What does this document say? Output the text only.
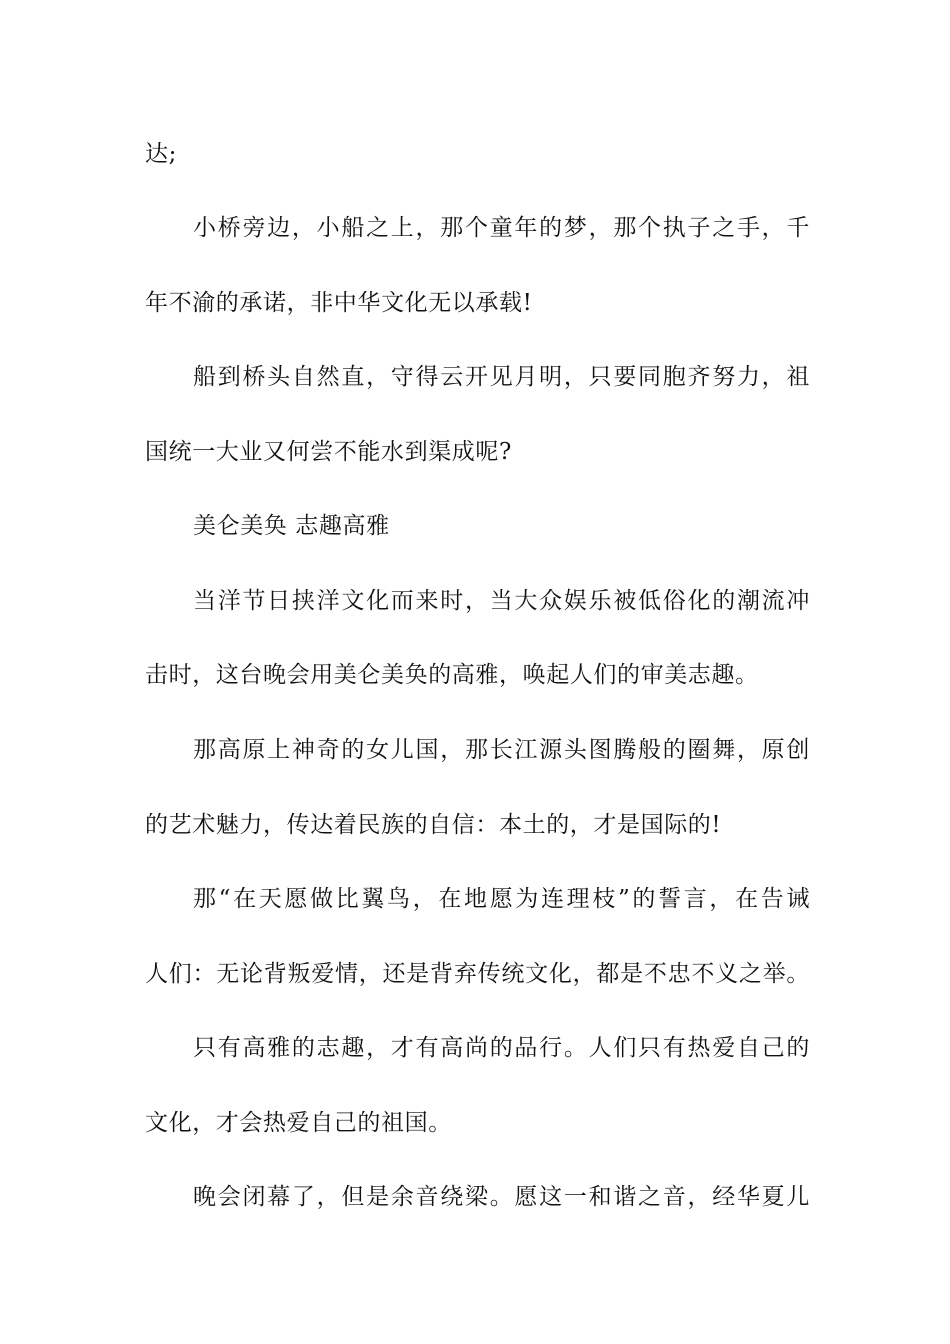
达;

小桥旁边，小船之上，那个童年的梦，那个执子之手，千

年不渝的承诺，非中华文化无以承载!

船到桥头自然直，守得云开见月明，只要同胞齐努力，祖

国统一大业又何尝不能水到渠成呢?

美仑美奂 志趣高雅

当洋节日挟洋文化而来时，当大众娱乐被低俗化的潮流冲

击时，这台晚会用美仑美奂的高雅，唤起人们的审美志趣。

那高原上神奇的女儿国，那长江源头图腾般的圈舞，原创

的艺术魅力，传达着民族的自信：本土的，才是国际的!

那“在天愿做比翼鸟，在地愿为连理枝”的誓言，在告诫

人们：无论背叛爱情，还是背弃传统文化，都是不忠不义之举。

只有高雅的志趣，才有高尚的品行。人们只有热爱自己的

文化，才会热爱自己的祖国。

晚会闭幕了，但是余音绕梁。愿这一和谐之音，经华夏儿
